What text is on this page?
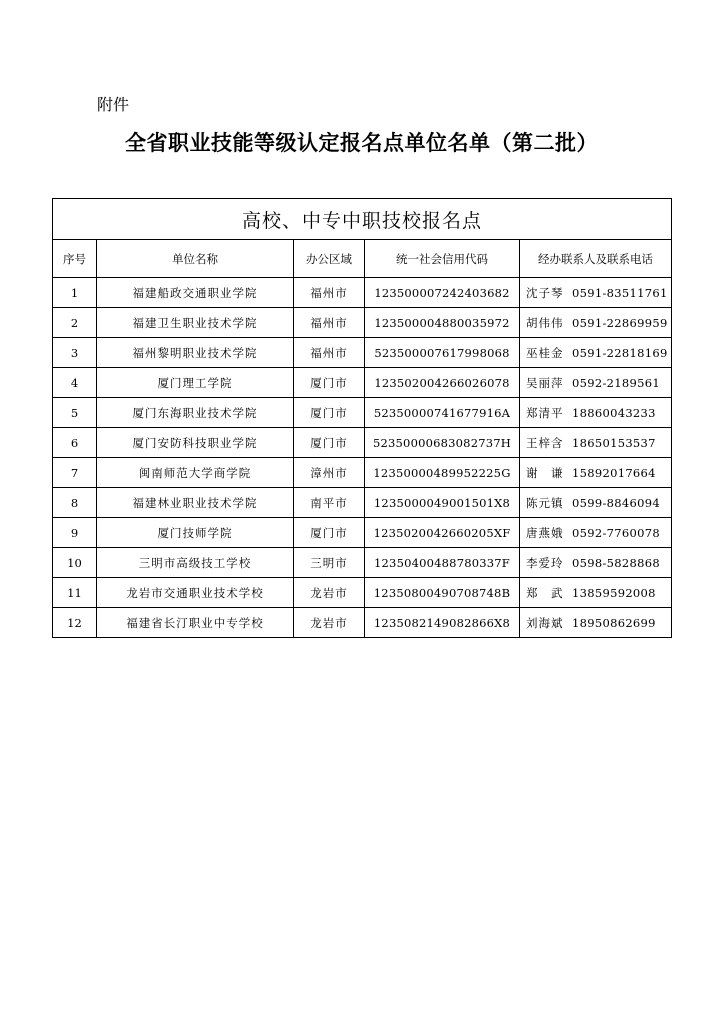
附件
全省职业技能等级认定报名点单位名单（第二批）
高校、中专中职技校报名点				
序号	单位名称	办公区域	统一社会信用代码	经办联系人及联系电话
1	福建船政交通职业学院	福州市	123500007242403682	沈子琴 0591-83511761
2	福建卫生职业技术学院	福州市	123500004880035972	胡伟伟 0591-22869959
3	福州黎明职业技术学院	福州市	523500007617998068	巫桂金 0591-22818169
4	厦门理工学院	厦门市	123502004266026078	吴丽萍 0592-2189561
5	厦门东海职业技术学院	厦门市	52350000741677916A	郑清平 18860043233
6	厦门安防科技职业学院	厦门市	52350000683082737H	王梓含 18650153537
7	闽南师范大学商学院	漳州市	12350000489952225G	谢　谦 15892017664
8	福建林业职业技术学院	南平市	1235000049001501X8	陈元镇 0599-8846094
9	厦门技师学院	厦门市	1235020042660205XF	唐燕娥 0592-7760078
10	三明市高级技工学校	三明市	12350400488780337F	李爱玲 0598-5828868
11	龙岩市交通职业技术学校	龙岩市	12350800490708748B	郑　武 13859592008
12	福建省长汀职业中专学校	龙岩市	1235082149082866X8	刘海斌 18950862699
